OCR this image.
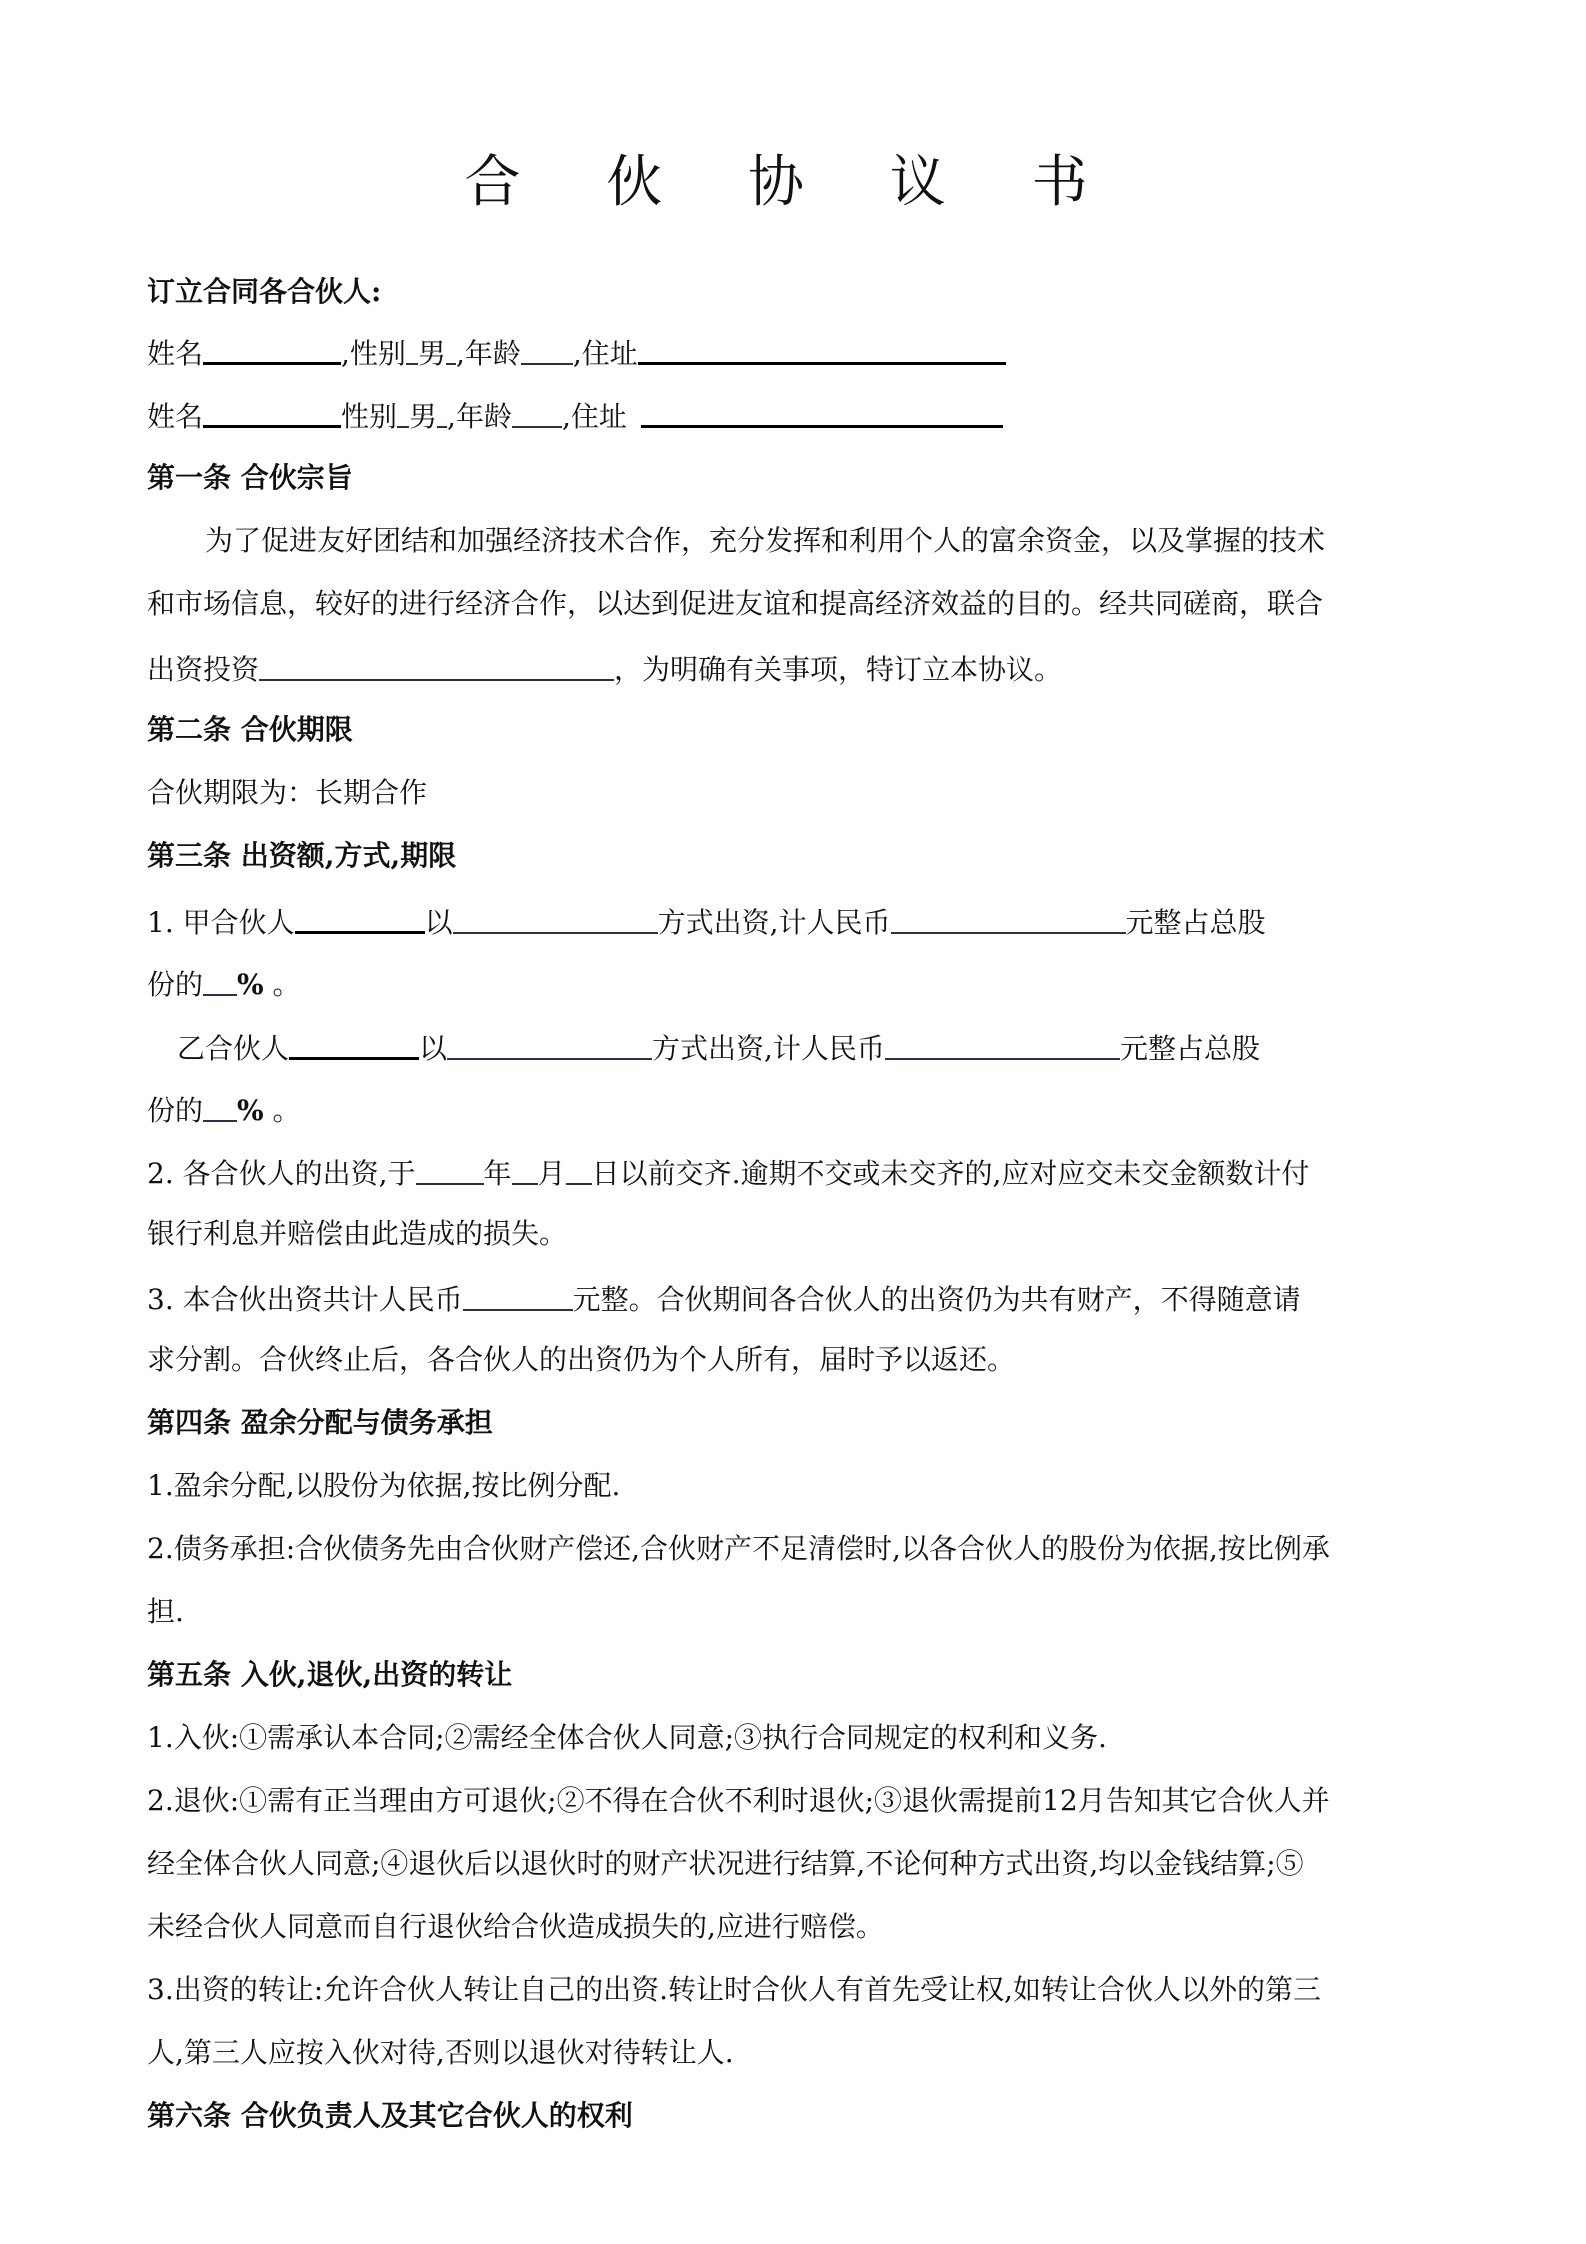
合 伙 协 议 书
订立合同各合伙人:
姓名	,性别 男 ,年龄 ,住址
姓名	性别 男 ,年龄 ,住址
第一条 合伙宗旨
为了促进友好团结和加强经济技术合作，充分发挥和利用个人的富余资金，以及掌握的技术
和市场信息，较好的进行经济合作，以达到促进友谊和提高经济效益的目的。经共同磋商，联合
出资投资	，为明确有关事项，特订立本协议。
第二条 合伙期限
合伙期限为：长期合作
第三条 出资额,方式,期限
1. 甲合伙人	以	方式出资,计人民币	元整占总股
份的 % 。
乙合伙人	以	方式出资,计人民币	元整占总股
份的 % 。
2. 各合伙人的出资,于 年 月 日以前交齐.逾期不交或未交齐的,应对应交未交金额数计付
银行利息并赔偿由此造成的损失。
3. 本合伙出资共计人民币	元整。合伙期间各合伙人的出资仍为共有财产，不得随意请
求分割。合伙终止后，各合伙人的出资仍为个人所有，届时予以返还。
第四条 盈余分配与债务承担
1.盈余分配,以股份为依据,按比例分配.
2.债务承担:合伙债务先由合伙财产偿还,合伙财产不足清偿时,以各合伙人的股份为依据,按比例承
担.
第五条 入伙,退伙,出资的转让
1.入伙:①需承认本合同;②需经全体合伙人同意;③执行合同规定的权利和义务.
2.退伙:①需有正当理由方可退伙;②不得在合伙不利时退伙;③退伙需提前12月告知其它合伙人并
经全体合伙人同意;④退伙后以退伙时的财产状况进行结算,不论何种方式出资,均以金钱结算;⑤
未经合伙人同意而自行退伙给合伙造成损失的,应进行赔偿。
3.出资的转让:允许合伙人转让自己的出资.转让时合伙人有首先受让权,如转让合伙人以外的第三
人,第三人应按入伙对待,否则以退伙对待转让人.
第六条 合伙负责人及其它合伙人的权利
